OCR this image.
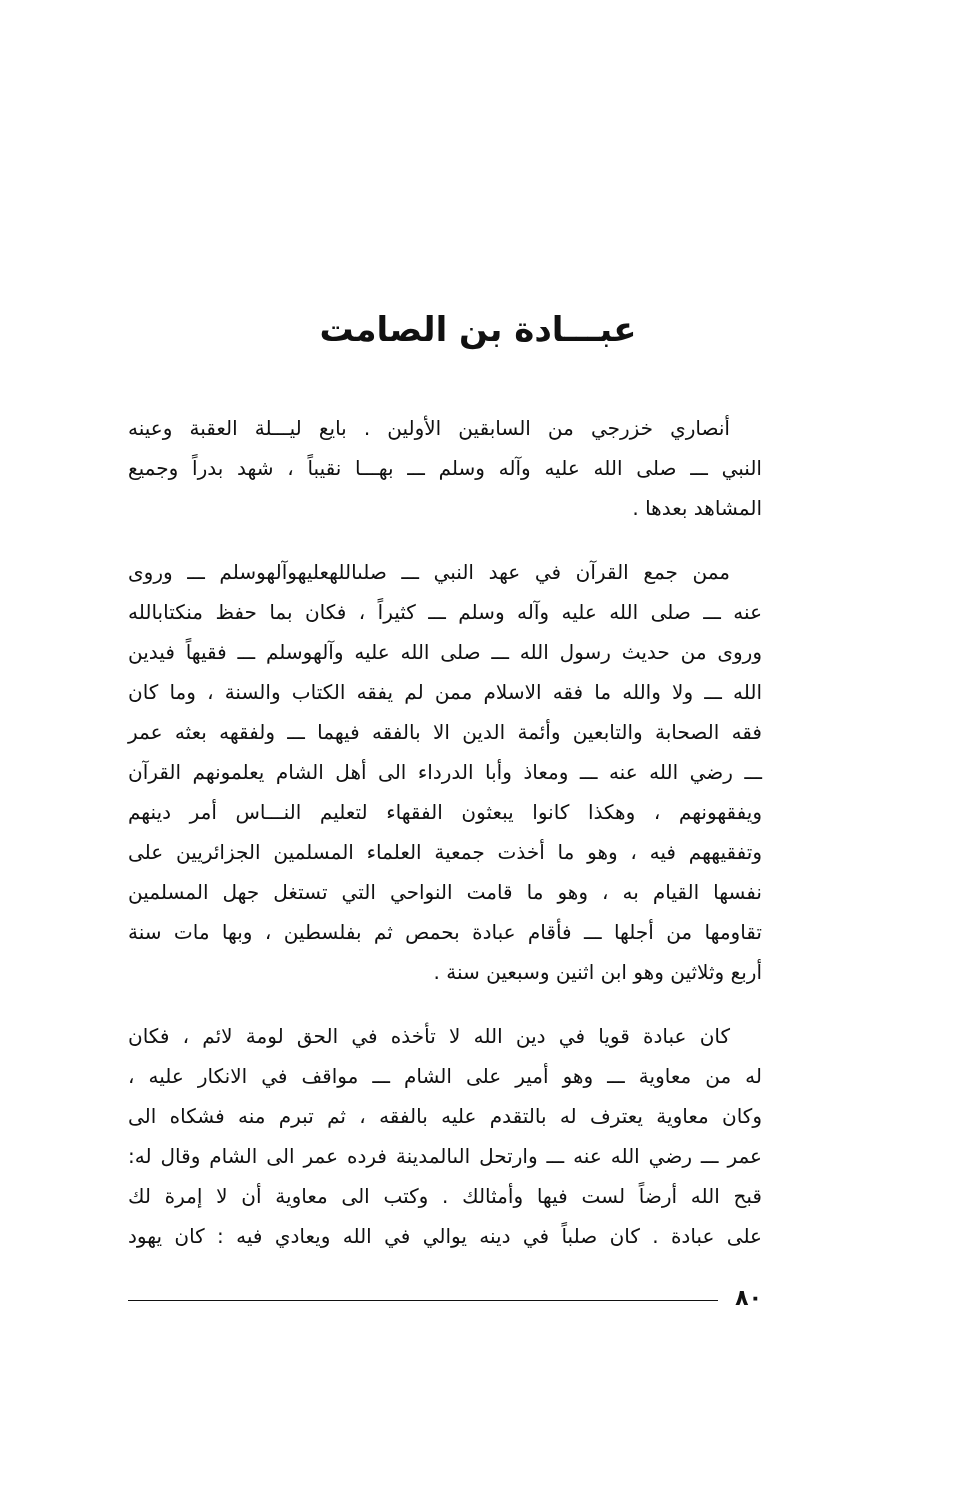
عبـــادة بن الصامت

أنصاري خزرجي من السابقين الأولين . بايع ليـــلة العقبة وعينه
النبي ـــ صلى الله عليه وآله وسلم ـــ بهـــا نقيباً ، شهد بدراً وجميع
المشاهد بعدها .

ممن جمع القرآن في عهد النبي ـــ صلىاللهعليهوآلهوسلم ـــ وروى
عنه ـــ صلى الله عليه وآله وسلم ـــ كثيراً ، فكان بما حفظ منكتابالله
وروى من حديث رسول الله ـــ صلى الله عليه وآلهوسلم ـــ فقيهاً فيدين
الله ـــ ولا والله ما فقه الاسلام ممن لم يفقه الكتاب والسنة ، وما كان
فقه الصحابة والتابعين وأئمة الدين الا بالفقه فيهما ـــ ولفقهه بعثه عمر
ـــ رضي الله عنه ـــ ومعاذ وأبا الدرداء الى أهل الشام يعلمونهم القرآن
ويفقهونهم ، وهكذا كانوا يبعثون الفقهاء لتعليم النـــاس أمر دينهم
وتفقيههم فيه ، وهو ما أخذت جمعية العلماء المسلمين الجزائريين على
نفسها القيام به ، وهو ما قامت النواحي التي تستغل جهل المسلمين
تقاومها من أجلها ـــ فأقام عبادة بحمص ثم بفلسطين ، وبها مات سنة
أربع وثلاثين وهو ابن اثنين وسبعين سنة .

كان عبادة قويا في دين الله لا تأخذه في الحق لومة لائم ، فكان
له من معاوية ـــ وهو أمير على الشام ـــ مواقف في الانكار عليه ،
وكان معاوية يعترف له بالتقدم عليه بالفقه ، ثم تبرم منه فشكاه الى
عمر ـــ رضي الله عنه ـــ وارتحل الىالمدينة فرده عمر الى الشام وقال له:
قبح الله أرضاً لست فيها وأمثالك . وكتب الى معاوية أن لا إمرة لك
على عبادة . كان صلباً في دينه يوالي في الله ويعادي فيه : كان يهود

٨٠
